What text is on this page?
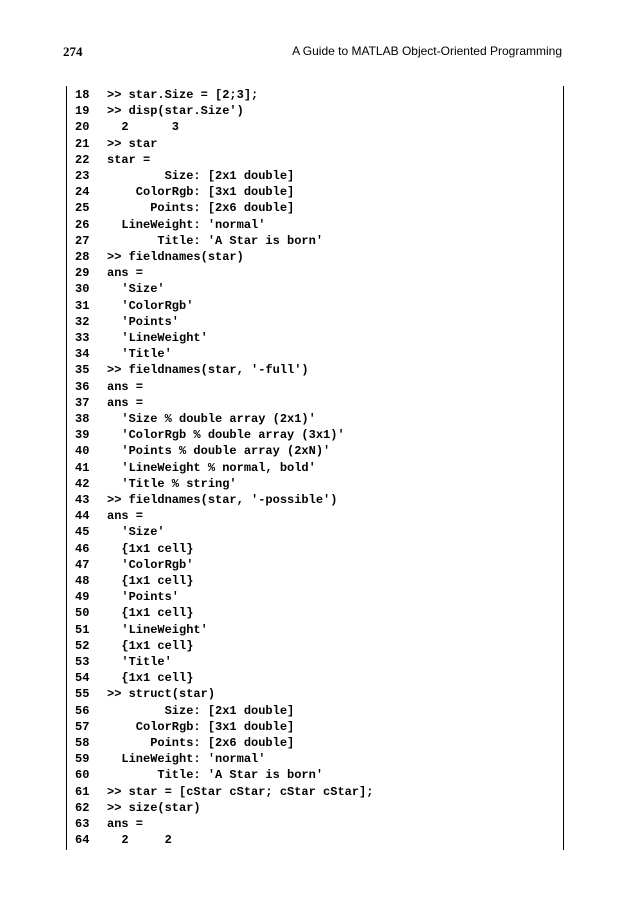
274	A Guide to MATLAB Object-Oriented Programming
18 >> star.Size = [2;3];
19 >> disp(star.Size')
20  2      3
21 >> star
22 star =
23        Size: [2x1 double]
24    ColorRgb: [3x1 double]
25      Points: [2x6 double]
26  LineWeight: 'normal'
27       Title: 'A Star is born'
28 >> fieldnames(star)
29 ans =
30  'Size'
31  'ColorRgb'
32  'Points'
33  'LineWeight'
34  'Title'
35 >> fieldnames(star, '-full')
36 ans =
37 ans =
38  'Size % double array (2x1)'
39  'ColorRgb % double array (3x1)'
40  'Points % double array (2xN)'
41  'LineWeight % normal, bold'
42  'Title % string'
43 >> fieldnames(star, '-possible')
44 ans =
45  'Size'
46  {1x1 cell}
47  'ColorRgb'
48  {1x1 cell}
49  'Points'
50  {1x1 cell}
51  'LineWeight'
52  {1x1 cell}
53  'Title'
54  {1x1 cell}
55 >> struct(star)
56        Size: [2x1 double]
57    ColorRgb: [3x1 double]
58      Points: [2x6 double]
59  LineWeight: 'normal'
60       Title: 'A Star is born'
61 >> star = [cStar cStar; cStar cStar];
62 >> size(star)
63 ans =
64  2     2
